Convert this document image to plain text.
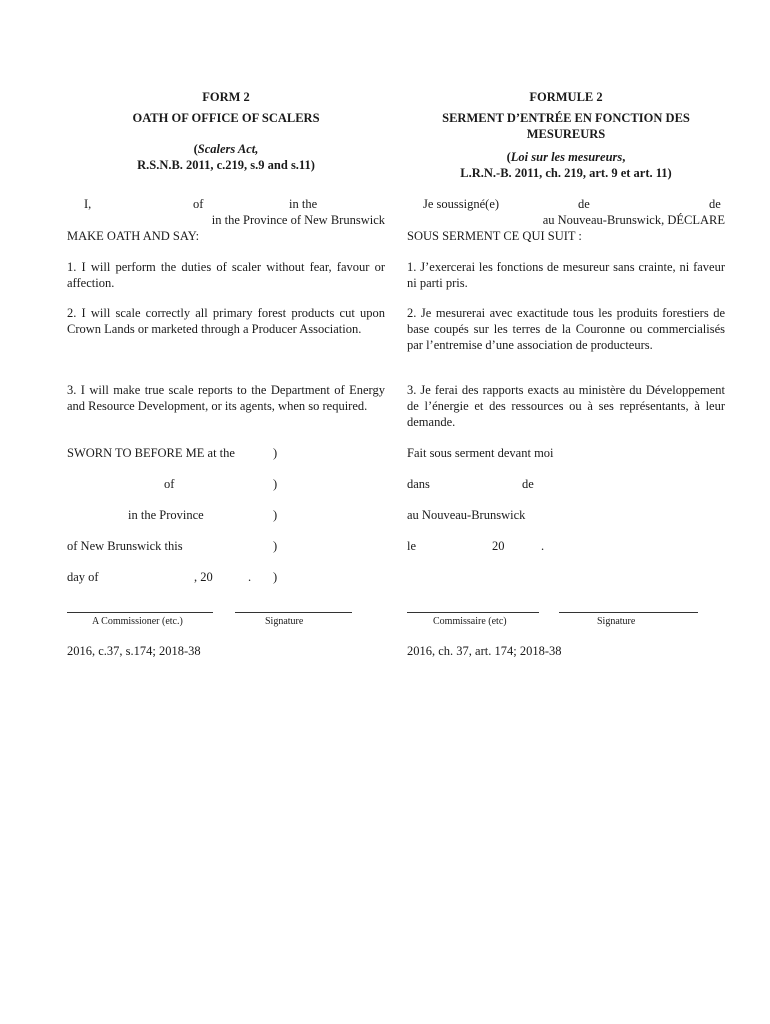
FORM 2
OATH OF OFFICE OF SCALERS
(Scalers Act,
R.S.N.B. 2011, c.219, s.9 and s.11)
I,	of	in the
in the Province of New Brunswick
MAKE OATH AND SAY:

1. I will perform the duties of scaler without fear, favour or affection.

2. I will scale correctly all primary forest products cut upon Crown Lands or marketed through a Producer Association.

3. I will make true scale reports to the Department of Energy and Resource Development, or its agents, when so required.

SWORN TO BEFORE ME at the	)
of	)
in the Province	)
of New Brunswick this	)
day of	, 20	. )
A Commissioner (etc.)	Signature
2016, c.37, s.174; 2018-38
FORMULE 2
SERMENT D’ENTRÉE EN FONCTION DES MESUREURS
(Loi sur les mesureurs,
L.R.N.-B. 2011, ch. 219, art. 9 et art. 11)
Je soussigné(e)	de	de
au Nouveau-Brunswick, DÉCLARE
SOUS SERMENT CE QUI SUIT :

1. J’exercerai les fonctions de mesureur sans crainte, ni faveur ni parti pris.

2. Je mesurerai avec exactitude tous les produits forestiers de base coupés sur les terres de la Couronne ou commercialisés par l’entremise d’une association de producteurs.

3. Je ferai des rapports exacts au ministère du Développement de l’énergie et des ressources ou à ses représentants, à leur demande.

Fait sous serment devant moi
dans	de
au Nouveau-Brunswick
le	20	.
Commissaire (etc)	Signature
2016, ch. 37, art. 174; 2018-38
